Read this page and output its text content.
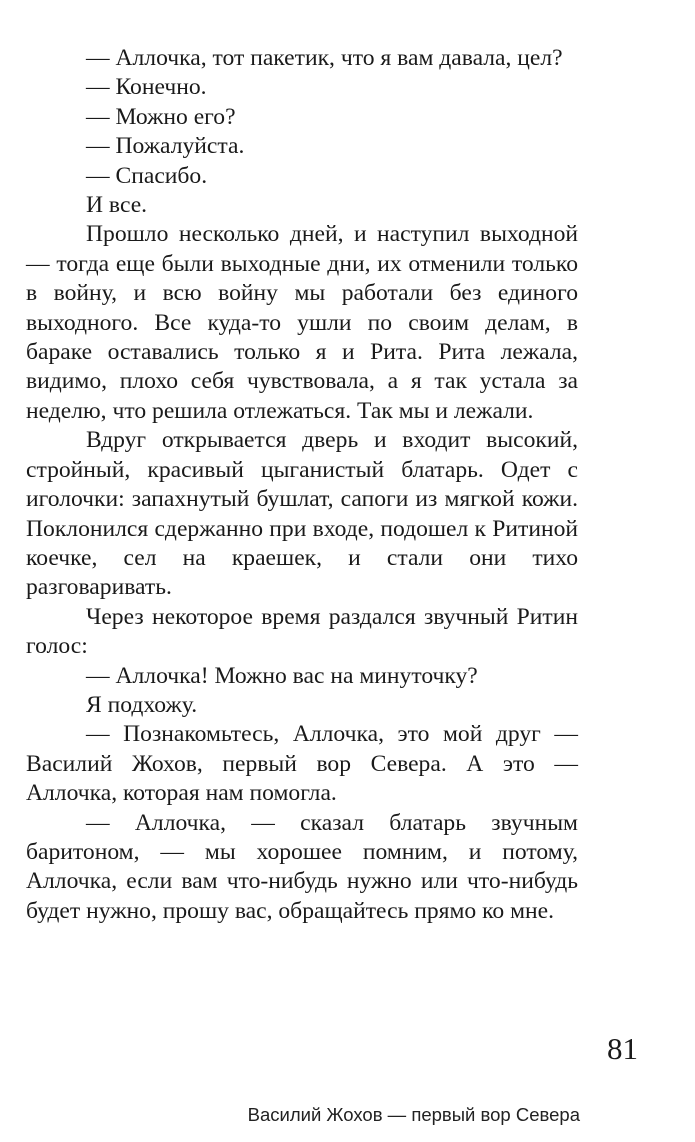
— Аллочка, тот пакетик, что я вам давала, цел?

— Конечно.

— Можно его?

— Пожалуйста.

— Спасибо.

И все.

Прошло несколько дней, и наступил выходной — тогда еще были выходные дни, их отменили только в войну, и всю войну мы работали без единого выходного. Все куда-то ушли по своим делам, в бараке оставались только я и Рита. Рита лежала, видимо, плохо себя чувствовала, а я так устала за неделю, что решила отлежаться. Так мы и лежали.

Вдруг открывается дверь и входит высокий, стройный, красивый цыганистый блатарь. Одет с иголочки: запахнутый бушлат, сапоги из мягкой кожи. Поклонился сдержанно при входе, подошел к Ритиной коечке, сел на краешек, и стали они тихо разговаривать.

Через некоторое время раздался звучный Ритин голос:

— Аллочка! Можно вас на минуточку?

Я подхожу.

— Познакомьтесь, Аллочка, это мой друг — Василий Жохов, первый вор Севера. А это — Аллочка, которая нам помогла.

— Аллочка, — сказал блатарь звучным баритоном, — мы хорошее помним, и потому, Аллочка, если вам что-нибудь нужно или что-нибудь будет нужно, прошу вас, обращайтесь прямо ко мне.

81
Василий Жохов — первый вор Севера
